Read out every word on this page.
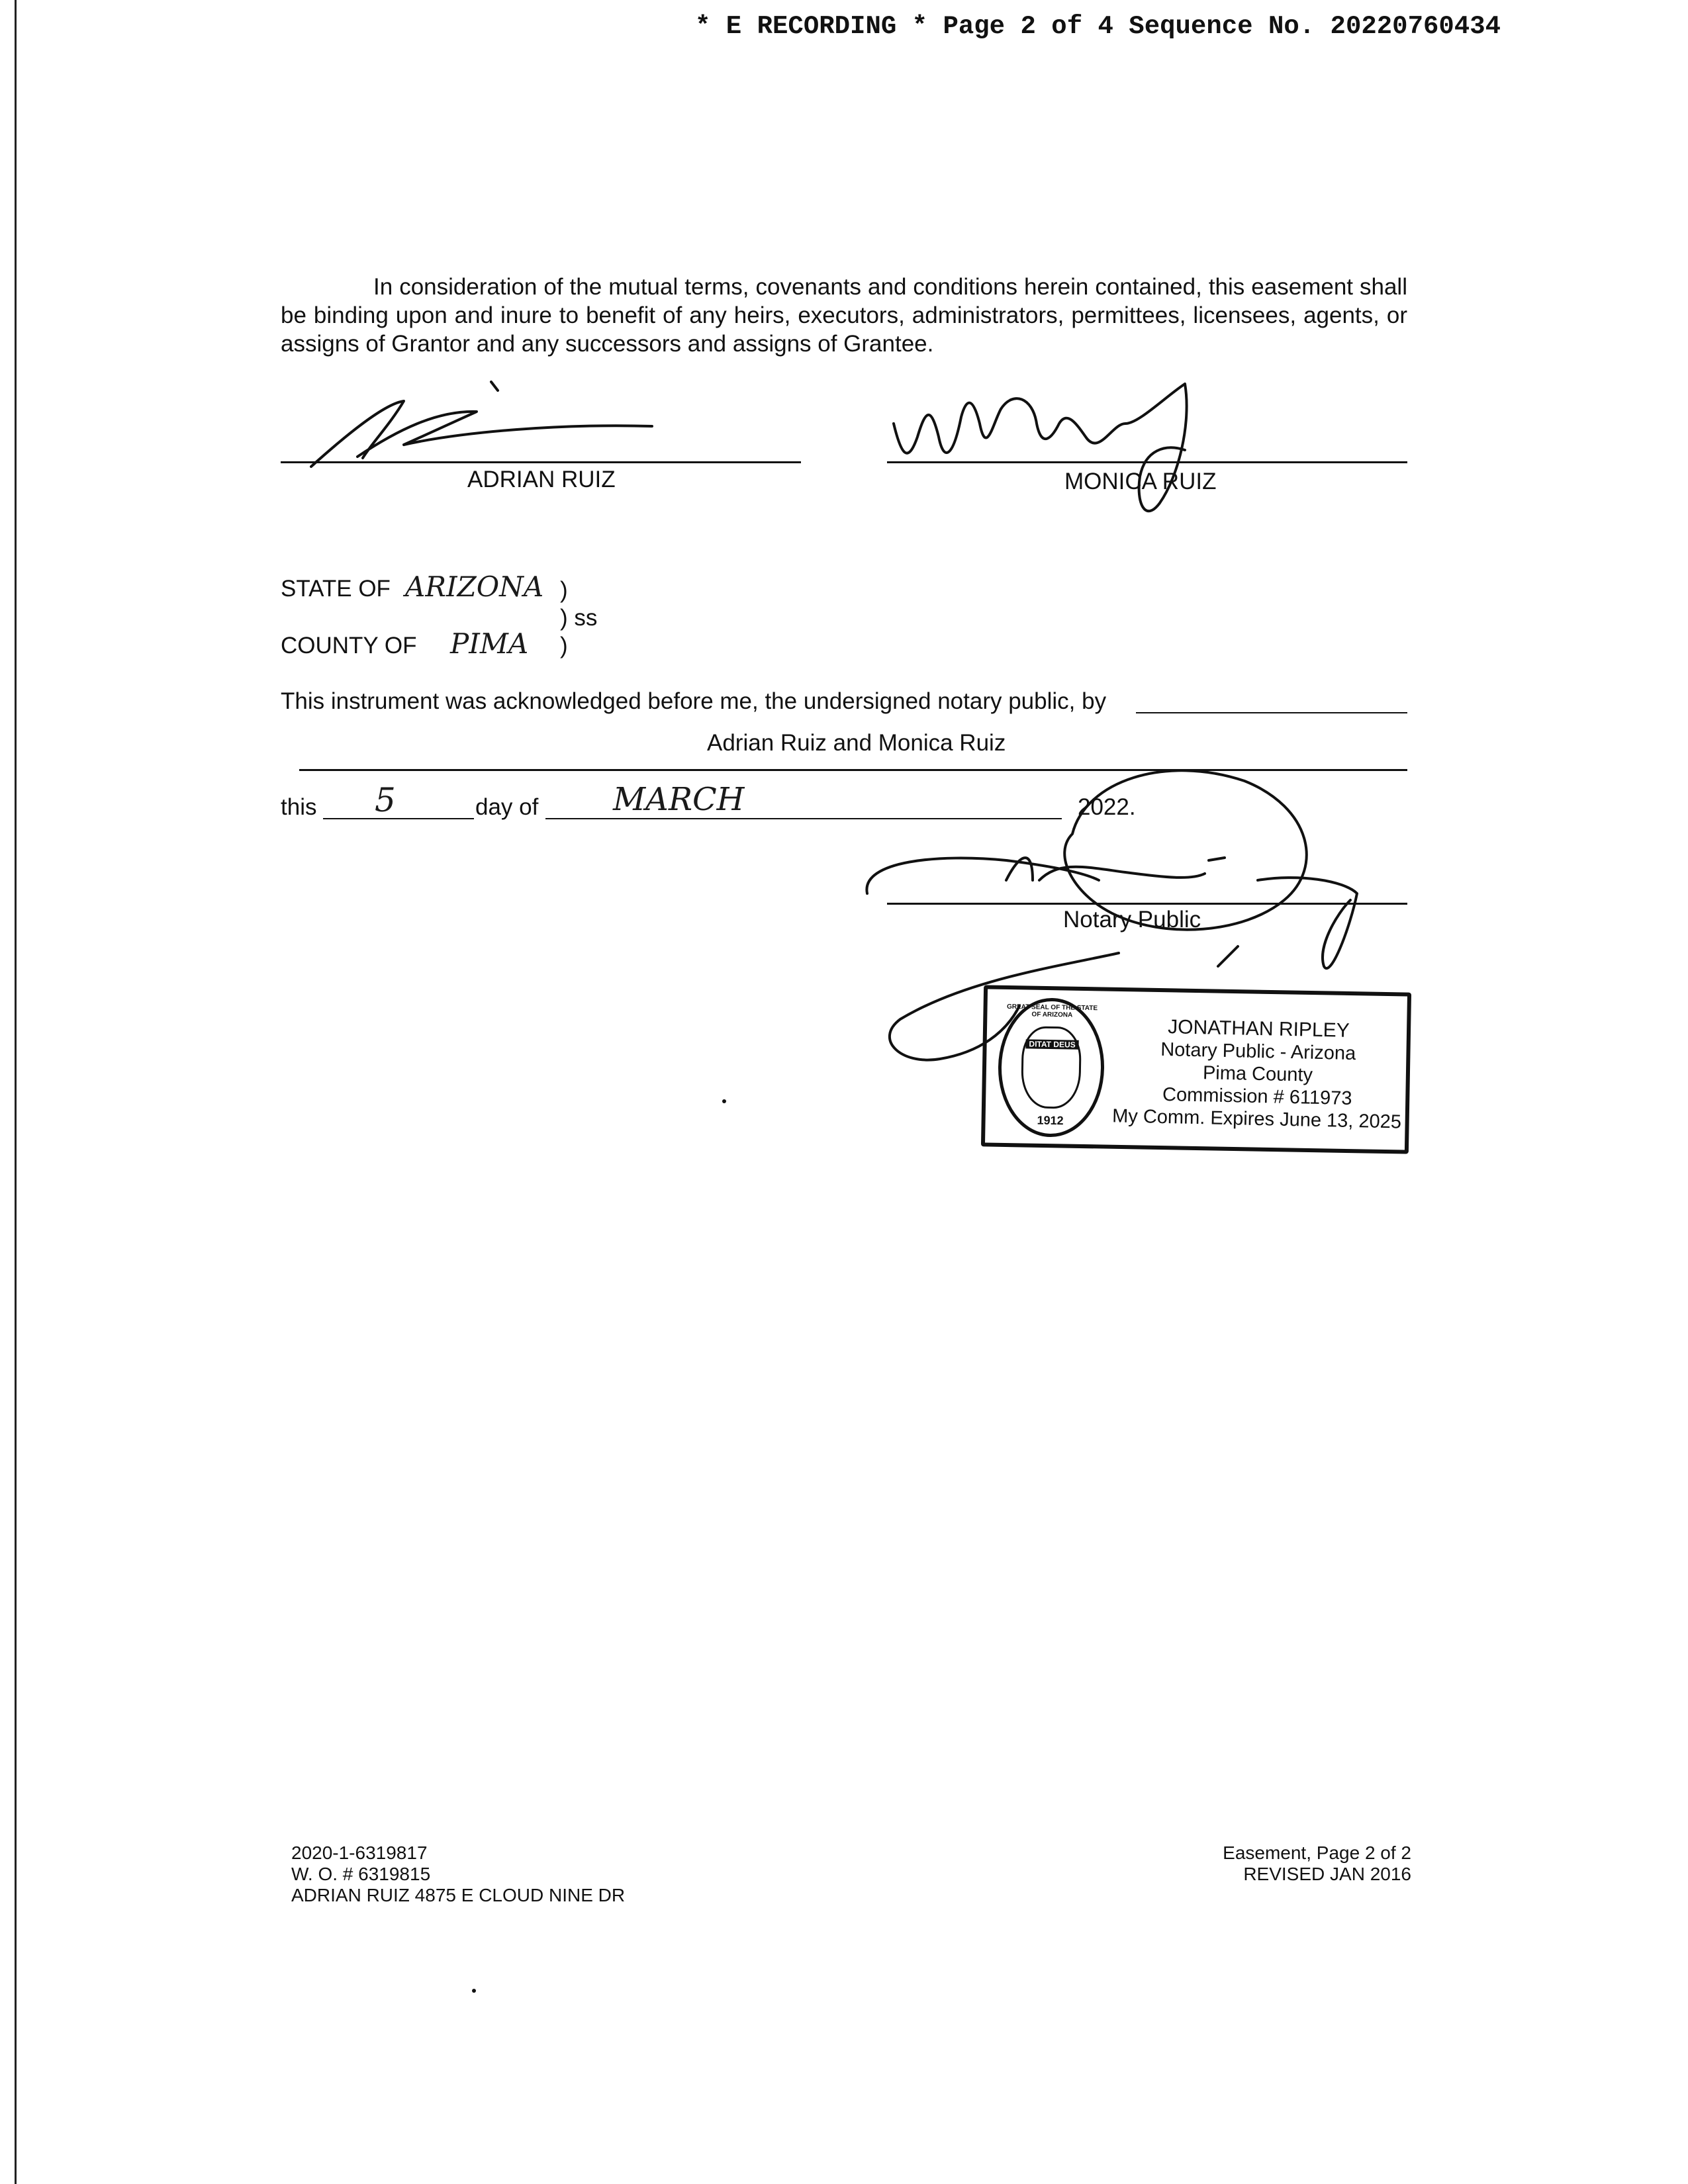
* E RECORDING * Page 2 of 4 Sequence No. 20220760434
In consideration of the mutual terms, covenants and conditions herein contained, this easement shall be binding upon and inure to benefit of any heirs, executors, administrators, permittees, licensees, agents, or assigns of Grantor and any successors and assigns of Grantee.
ADRIAN RUIZ	MONICA RUIZ
STATE OF ARIZONA )
) ss
COUNTY OF PIMA )
This instrument was acknowledged before me, the undersigned notary public, by
Adrian Ruiz and Monica Ruiz
this 5	day of MARCH	2022.
Notary Public
DITAT DEUS
GREAT SEAL OF THE STATE OF ARIZONA
1912
JONATHAN RIPLEY
Notary Public - Arizona
Pima County
Commission # 611973
My Comm. Expires June 13, 2025
2020-1-6319817
W. O. # 6319815
ADRIAN RUIZ 4875 E CLOUD NINE DR
Easement, Page 2 of 2
REVISED JAN 2016
